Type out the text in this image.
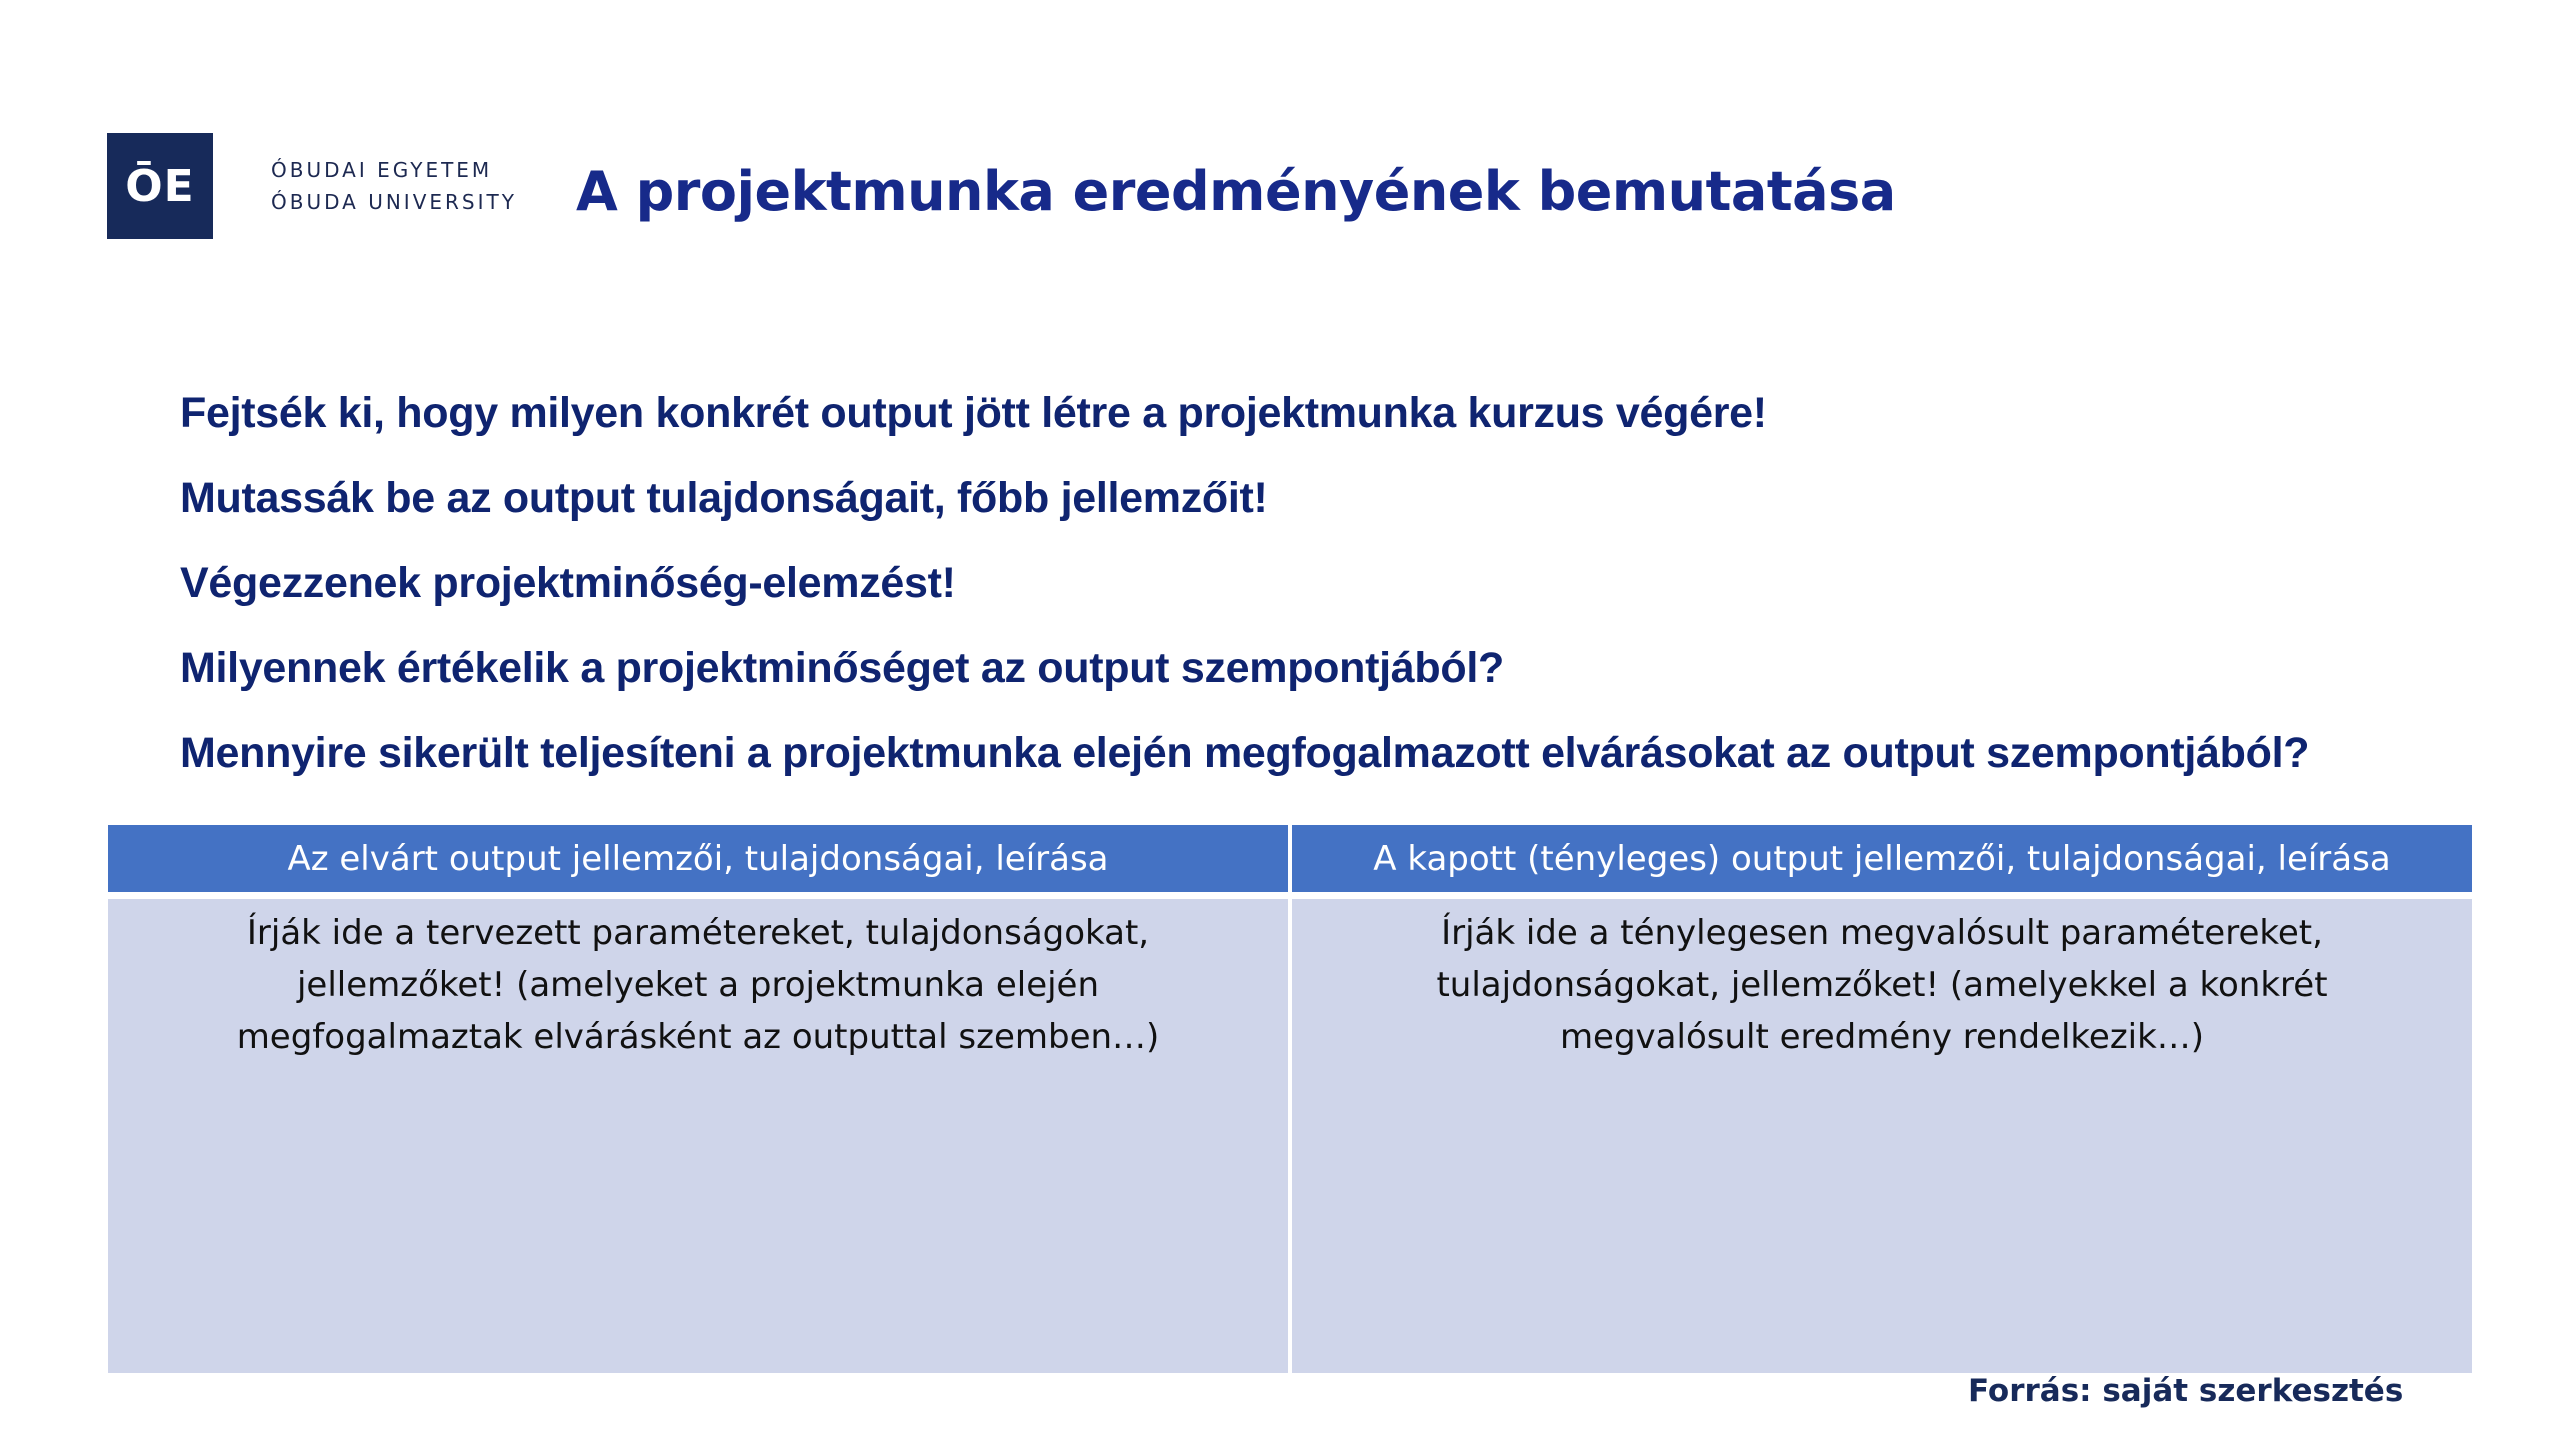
ŌE	ÓBUDAI EGYETEM
ÓBUDA UNIVERSITY A projektmunka eredményének bemutatása
Fejtsék ki, hogy milyen konkrét output jött létre a projektmunka kurzus végére!
Mutassák be az output tulajdonságait, főbb jellemzőit!
Végezzenek projektminőség-elemzést!
Milyennek értékelik a projektminőséget az output szempontjából?
Mennyire sikerült teljesíteni a projektmunka elején megfogalmazott elvárásokat az output szempontjából?
Az elvárt output jellemzői, tulajdonságai, leírása	A kapott (tényleges) output jellemzői, tulajdonságai, leírása
Írják ide a tervezett paramétereket, tulajdonságokat,
jellemzőket! (amelyeket a projektmunka elején
megfogalmaztak elvárásként az outputtal szemben…)
Írják ide a ténylegesen megvalósult paramétereket,
tulajdonságokat, jellemzőket! (amelyekkel a konkrét
megvalósult eredmény rendelkezik…)
Forrás: saját szerkesztés
